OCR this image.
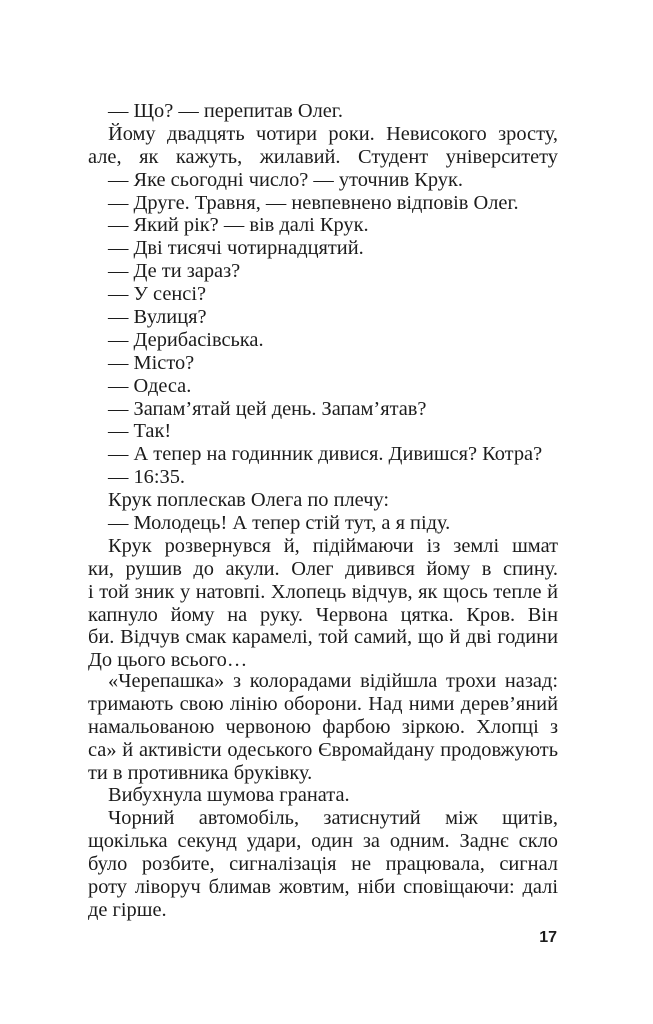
— Що? — перепитав Олег.
Йому двадцять чотири роки. Невисокого зросту,
але, як кажуть, жилавий. Студент університету
— Яке сьогодні число? — уточнив Крук.
— Друге. Травня, — невпевнено відповів Олег.
— Який рік? — вів далі Крук.
— Дві тисячі чотирнадцятий.
— Де ти зараз?
— У сенсі?
— Вулиця?
— Дерибасівська.
— Місто?
— Одеса.
— Запам’ятай цей день. Запам’ятав?
— Так!
— А тепер на годинник дивися. Дивишся? Котра?
— 16:35.
Крук поплескав Олега по плечу:
— Молодець! А тепер стій тут, а я піду.
Крук розвернувся й, підіймаючи із землі шмат
ки, рушив до акули. Олег дивився йому в спину.
і той зник у натовпі. Хлопець відчув, як щось тепле й
капнуло йому на руку. Червона цятка. Кров. Він
би. Відчув смак карамелі, той самий, що й дві години
До цього всього…
«Черепашка» з колорадами відійшла трохи назад:
тримають свою лінію оборони. Над ними дерев’яний
намальованою червоною фарбою зіркою. Хлопці з
са» й активісти одеського Євромайдану продовжують
ти в противника бруківку.
Вибухнула шумова граната.
Чорний автомобіль, затиснутий між щитів,
щокілька секунд удари, один за одним. Заднє скло
було розбите, сигналізація не працювала, сигнал
роту ліворуч блимав жовтим, ніби сповіщаючи: далі
де гірше.
17
